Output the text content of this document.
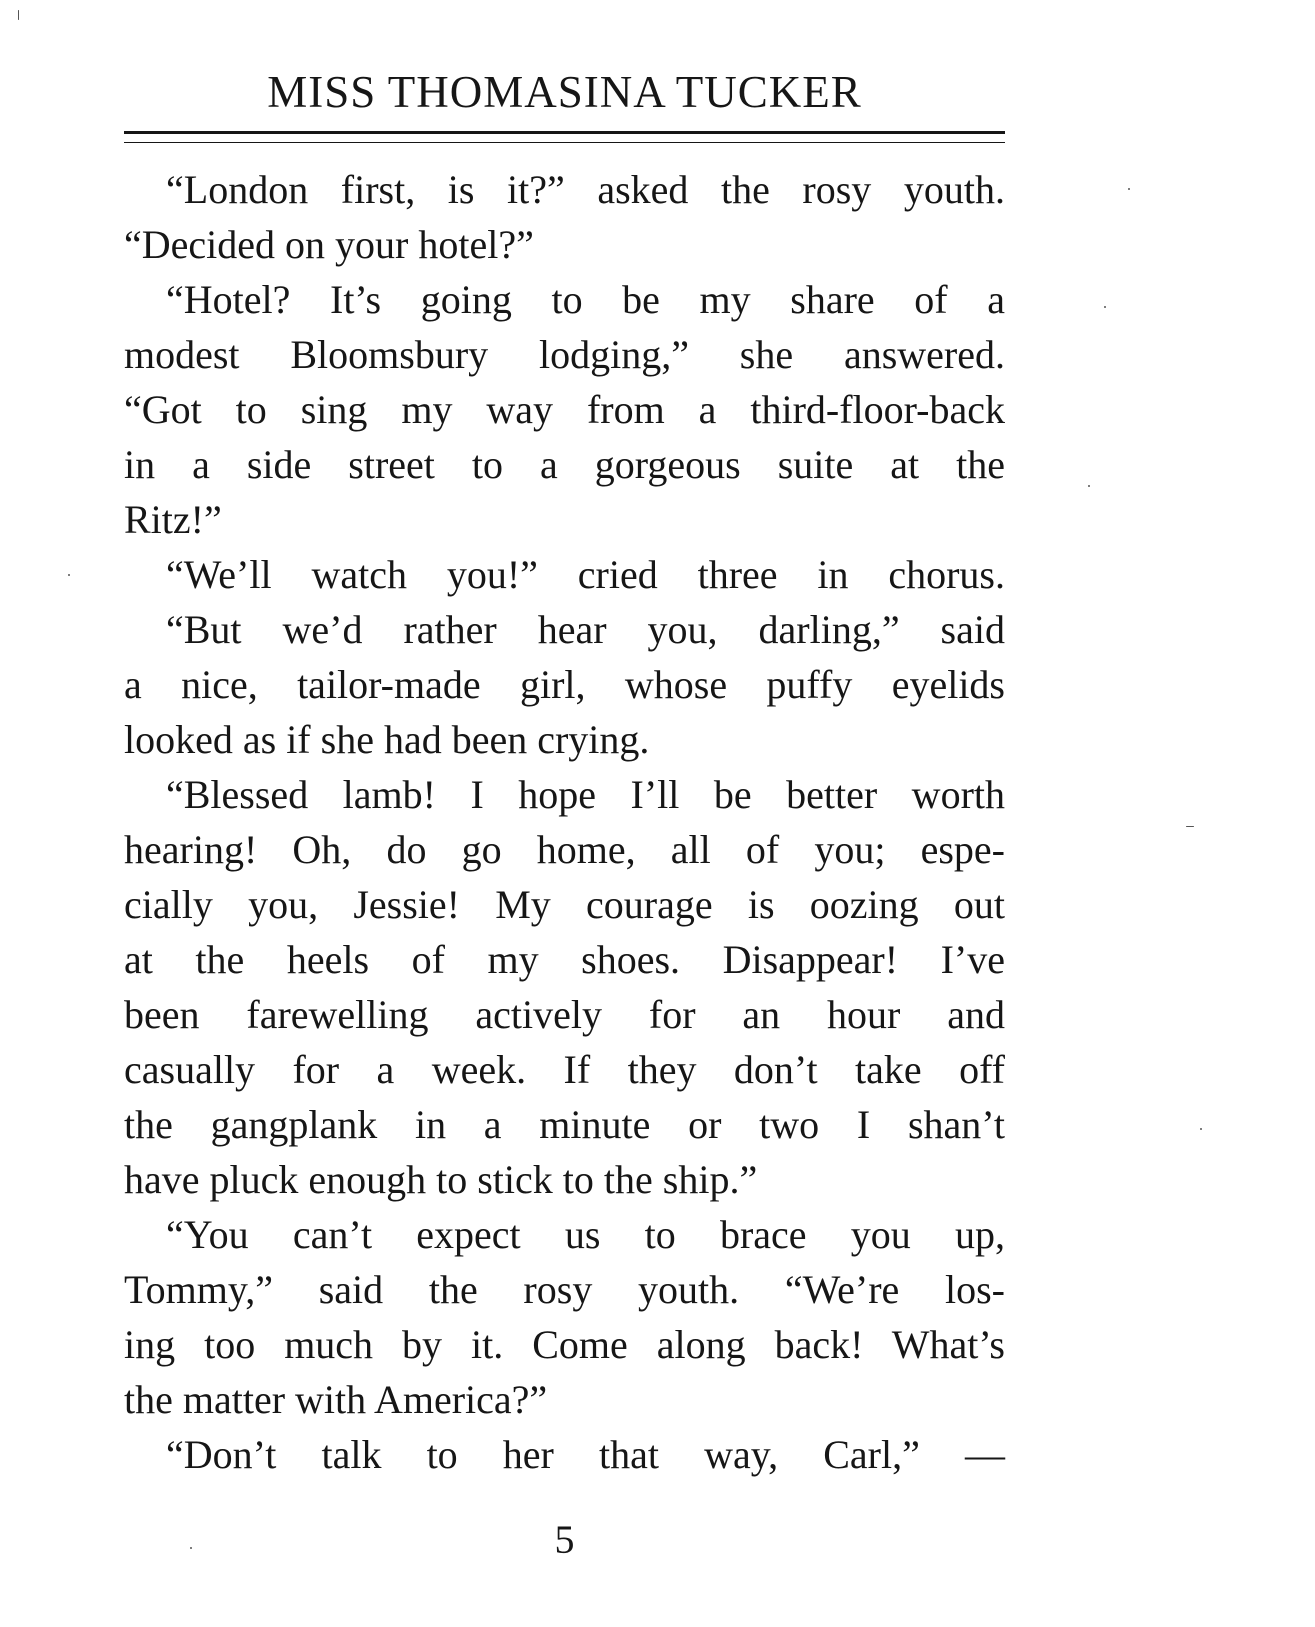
MISS THOMASINA TUCKER
“London first, is it?” asked the rosy youth.
“Decided on your hotel?”
“Hotel? It’s going to be my share of a
modest Bloomsbury lodging,” she answered.
“Got to sing my way from a third-floor-back
in a side street to a gorgeous suite at the
Ritz!”
“We’ll watch you!” cried three in chorus.
“But we’d rather hear you, darling,” said
a nice, tailor-made girl, whose puffy eyelids
looked as if she had been crying.
“Blessed lamb! I hope I’ll be better worth
hearing! Oh, do go home, all of you; espe-
cially you, Jessie! My courage is oozing out
at the heels of my shoes. Disappear! I’ve
been farewelling actively for an hour and
casually for a week. If they don’t take off
the gangplank in a minute or two I shan’t
have pluck enough to stick to the ship.”
“You can’t expect us to brace you up,
Tommy,” said the rosy youth. “We’re los-
ing too much by it. Come along back! What’s
the matter with America?”
“Don’t talk to her that way, Carl,” —
5
